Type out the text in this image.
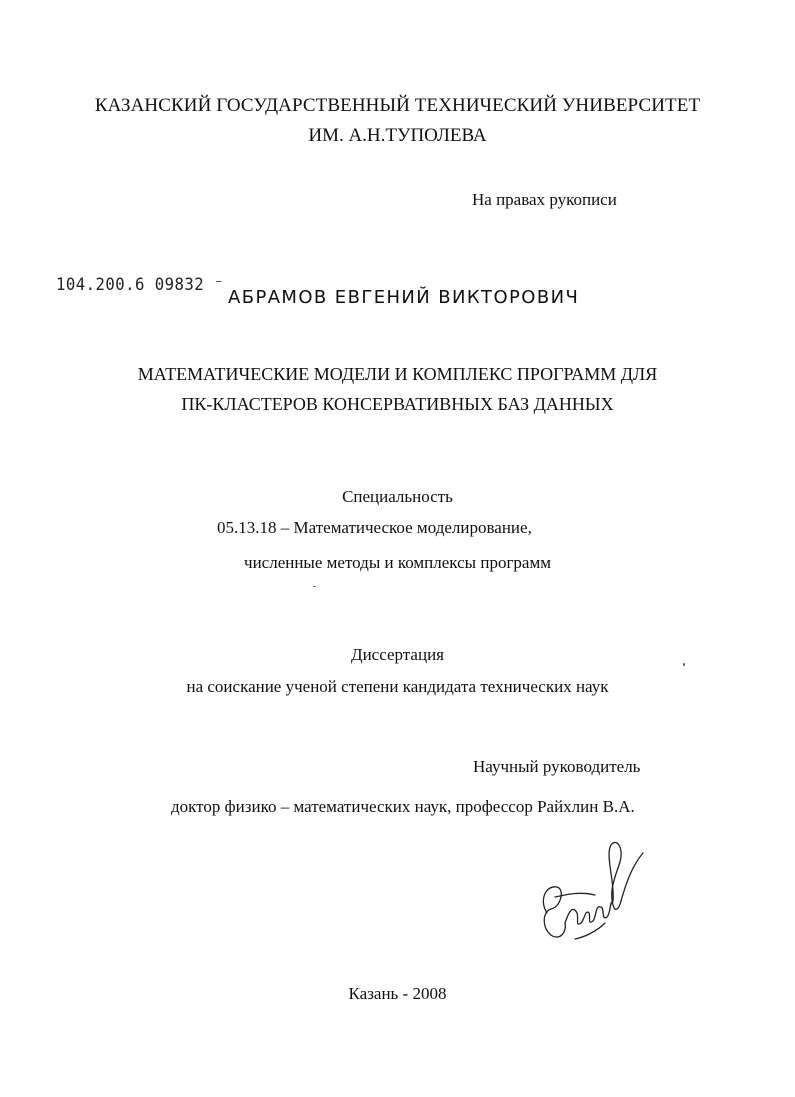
КАЗАНСКИЙ ГОСУДАРСТВЕННЫЙ ТЕХНИЧЕСКИЙ УНИВЕРСИТЕТ
ИМ. А.Н.ТУПОЛЕВА
На правах рукописи
104.200.6 09832 ⁻
АБРАМОВ ЕВГЕНИЙ ВИКТОРОВИЧ
МАТЕМАТИЧЕСКИЕ МОДЕЛИ И КОМПЛЕКС ПРОГРАММ ДЛЯ
ПК-КЛАСТЕРОВ КОНСЕРВАТИВНЫХ БАЗ ДАННЫХ
Специальность
05.13.18 – Математическое моделирование,
численные методы и комплексы программ
Диссертация
на соискание ученой степени кандидата технических наук
Научный руководитель
доктор физико – математических наук, профессор Райхлин В.А.
Казань - 2008
